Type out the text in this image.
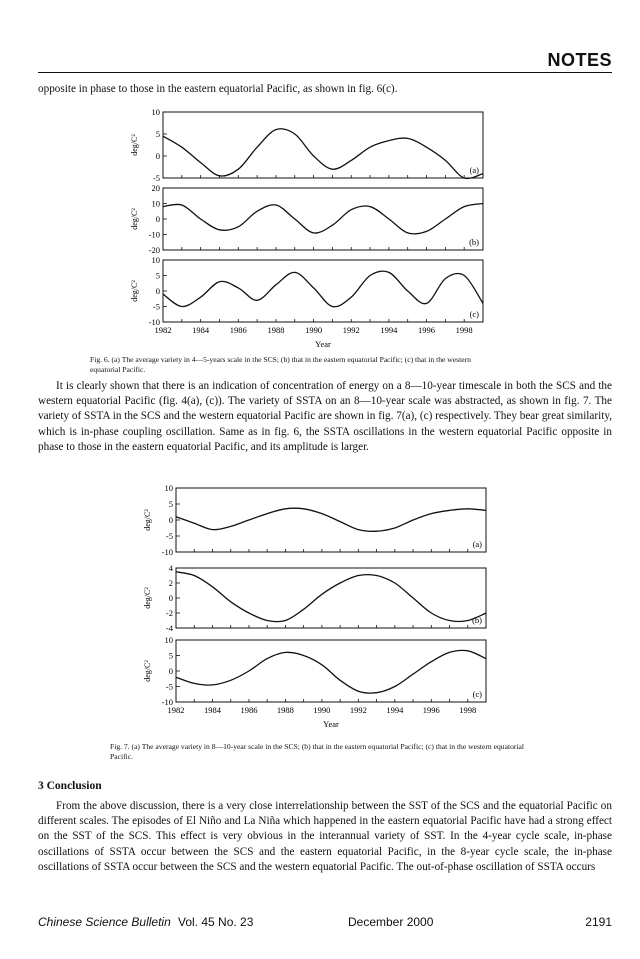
NOTES

opposite in phase to those in the eastern equatorial Pacific, as shown in fig. 6(c).

10
5
0
-5
deg/C²
(a)
20
10
0
-10
-20
deg/C²
(b)
10
5
0
-5
-10
deg/C²
(c)
1982 1984 1986 1988 1990 1992 1994 1996 1998
Year
Fig. 6. (a) The average variety in 4—5-years scale in the SCS; (b) that in the eastern equatorial Pacific; (c) that in the western equatorial Pacific.

It is clearly shown that there is an indication of concentration of energy on a 8—10-year timescale in both the SCS and the western equatorial Pacific (fig. 4(a), (c)). The variety of SSTA on an 8—10-year scale was abstracted, as shown in fig. 7. The variety of SSTA in the SCS and the western equatorial Pacific are shown in fig. 7(a), (c) respectively. They bear great similarity, which is in-phase coupling oscillation. Same as in fig. 6, the SSTA oscillations in the western equatorial Pacific opposite in phase to those in the eastern equatorial Pacific, and its amplitude is larger.

10
5
0
-5
-10
deg/C²
(a)
4
2
0
-2
-4
deg/C²
(b)
10
5
0
-5
-10
deg/C²
(c)
1982 1984 1986 1988 1990 1992 1994 1996 1998
Year
Fig. 7. (a) The average variety in 8—10-year scale in the SCS; (b) that in the eastern equatorial Pacific; (c) that in the western equatorial Pacific.
3 Conclusion

From the above discussion, there is a very close interrelationship between the SST of the SCS and the equatorial Pacific on different scales. The episodes of El Niño and La Niña which happened in the eastern equatorial Pacific have had a strong effect on the SST of the SCS. This effect is very obvious in the interannual variety of SST. In the 4-year cycle scale, in-phase oscillations of SSTA occur between the SCS and the eastern equatorial Pacific, in the 8-year cycle scale, the in-phase oscillations of SSTA occur between the SCS and the western equatorial Pacific. The out-of-phase oscillation of SSTA occurs

Chinese Science Bulletin Vol. 45 No. 23	December 2000	2191
